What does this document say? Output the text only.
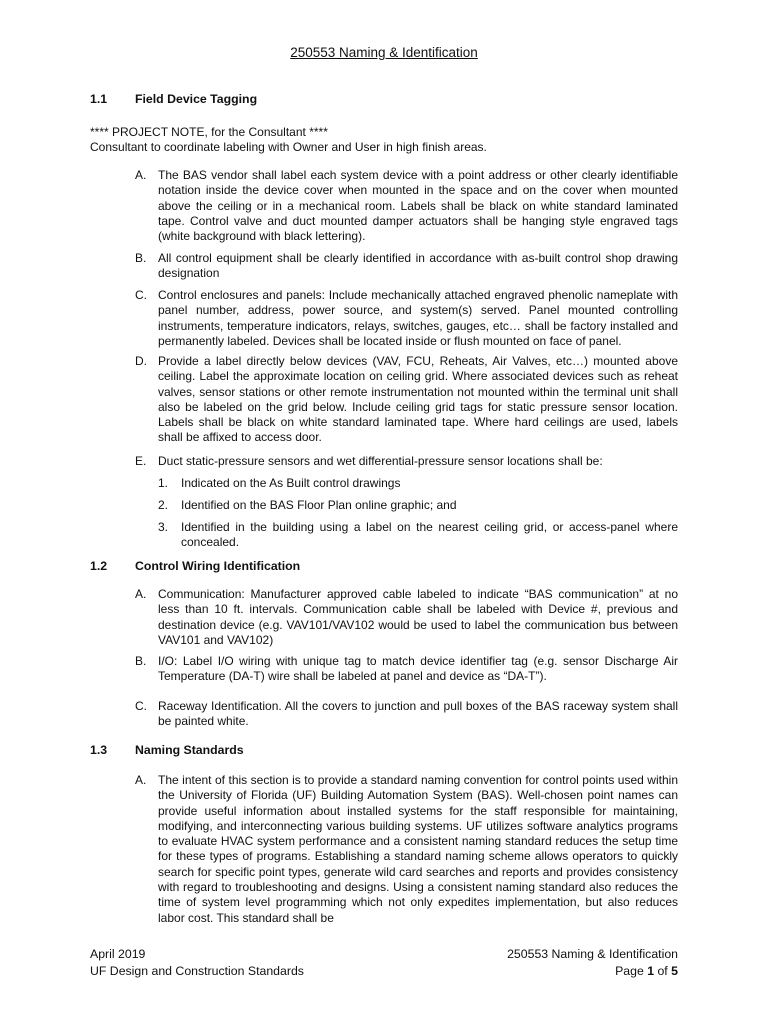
250553 Naming & Identification
1.1 Field Device Tagging
**** PROJECT NOTE, for the Consultant ****
Consultant to coordinate labeling with Owner and User in high finish areas.
A. The BAS vendor shall label each system device with a point address or other clearly identifiable notation inside the device cover when mounted in the space and on the cover when mounted above the ceiling or in a mechanical room. Labels shall be black on white standard laminated tape. Control valve and duct mounted damper actuators shall be hanging style engraved tags (white background with black lettering).
B. All control equipment shall be clearly identified in accordance with as-built control shop drawing designation
C. Control enclosures and panels: Include mechanically attached engraved phenolic nameplate with panel number, address, power source, and system(s) served. Panel mounted controlling instruments, temperature indicators, relays, switches, gauges, etc… shall be factory installed and permanently labeled. Devices shall be located inside or flush mounted on face of panel.
D. Provide a label directly below devices (VAV, FCU, Reheats, Air Valves, etc…) mounted above ceiling. Label the approximate location on ceiling grid. Where associated devices such as reheat valves, sensor stations or other remote instrumentation not mounted within the terminal unit shall also be labeled on the grid below. Include ceiling grid tags for static pressure sensor location. Labels shall be black on white standard laminated tape. Where hard ceilings are used, labels shall be affixed to access door.
E. Duct static-pressure sensors and wet differential-pressure sensor locations shall be:
1.	Indicated on the As Built control drawings
2.	Identified on the BAS Floor Plan online graphic; and
3.	Identified in the building using a label on the nearest ceiling grid, or access-panel where concealed.
1.2 Control Wiring Identification
A. Communication: Manufacturer approved cable labeled to indicate “BAS communication” at no less than 10 ft. intervals. Communication cable shall be labeled with Device #, previous and destination device (e.g. VAV101/VAV102 would be used to label the communication bus between VAV101 and VAV102)
B. I/O: Label I/O wiring with unique tag to match device identifier tag (e.g. sensor Discharge Air Temperature (DA-T) wire shall be labeled at panel and device as “DA-T”).
C. Raceway Identification. All the covers to junction and pull boxes of the BAS raceway system shall be painted white.
1.3 Naming Standards
A. The intent of this section is to provide a standard naming convention for control points used within the University of Florida (UF) Building Automation System (BAS). Well-chosen point names can provide useful information about installed systems for the staff responsible for maintaining, modifying, and interconnecting various building systems. UF utilizes software analytics programs to evaluate HVAC system performance and a consistent naming standard reduces the setup time for these types of programs. Establishing a standard naming scheme allows operators to quickly search for specific point types, generate wild card searches and reports and provides consistency with regard to troubleshooting and designs. Using a consistent naming standard also reduces the time of system level programming which not only expedites implementation, but also reduces labor cost. This standard shall be
April 2019
UF Design and Construction Standards
250553 Naming & Identification
Page 1 of 5
